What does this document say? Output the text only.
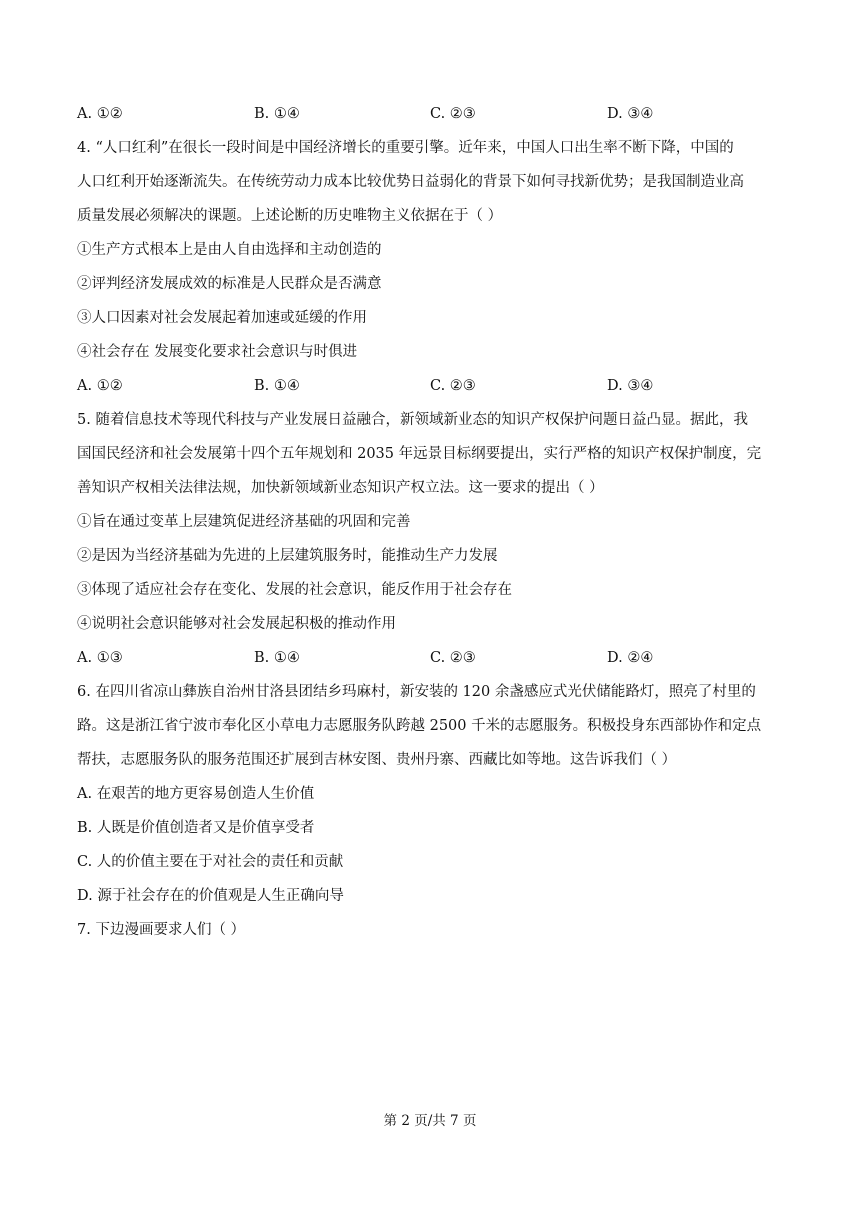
A. ①②	B. ①④	C. ②③	D. ③④
4. “人口红利”在很长一段时间是中国经济增长的重要引擎。近年来，中国人口出生率不断下降，中国的
人口红利开始逐渐流失。在传统劳动力成本比较优势日益弱化的背景下如何寻找新优势；是我国制造业高
质量发展必须解决的课题。上述论断的历史唯物主义依据在于（ ）
①生产方式根本上是由人自由选择和主动创造的
②评判经济发展成效的标准是人民群众是否满意
③人口因素对社会发展起着加速或延缓的作用
④社会存在 发展变化要求社会意识与时俱进
A. ①②	B. ①④	C. ②③	D. ③④
5. 随着信息技术等现代科技与产业发展日益融合，新领域新业态的知识产权保护问题日益凸显。据此，我
国国民经济和社会发展第十四个五年规划和 2035 年远景目标纲要提出，实行严格的知识产权保护制度，完
善知识产权相关法律法规，加快新领域新业态知识产权立法。这一要求的提出（ ）
①旨在通过变革上层建筑促进经济基础的巩固和完善
②是因为当经济基础为先进的上层建筑服务时，能推动生产力发展
③体现了适应社会存在变化、发展的社会意识，能反作用于社会存在
④说明社会意识能够对社会发展起积极的推动作用
A. ①③	B. ①④	C. ②③	D. ②④
6. 在四川省凉山彝族自治州甘洛县团结乡玛麻村，新安装的 120 余盏感应式光伏储能路灯，照亮了村里的
路。这是浙江省宁波市奉化区小草电力志愿服务队跨越 2500 千米的志愿服务。积极投身东西部协作和定点
帮扶，志愿服务队的服务范围还扩展到吉林安图、贵州丹寨、西藏比如等地。这告诉我们（ ）
A. 在艰苦的地方更容易创造人生价值
B. 人既是价值创造者又是价值享受者
C. 人的价值主要在于对社会的责任和贡献
D. 源于社会存在的价值观是人生正确向导
7. 下边漫画要求人们（ ）
第 2 页/共 7 页
